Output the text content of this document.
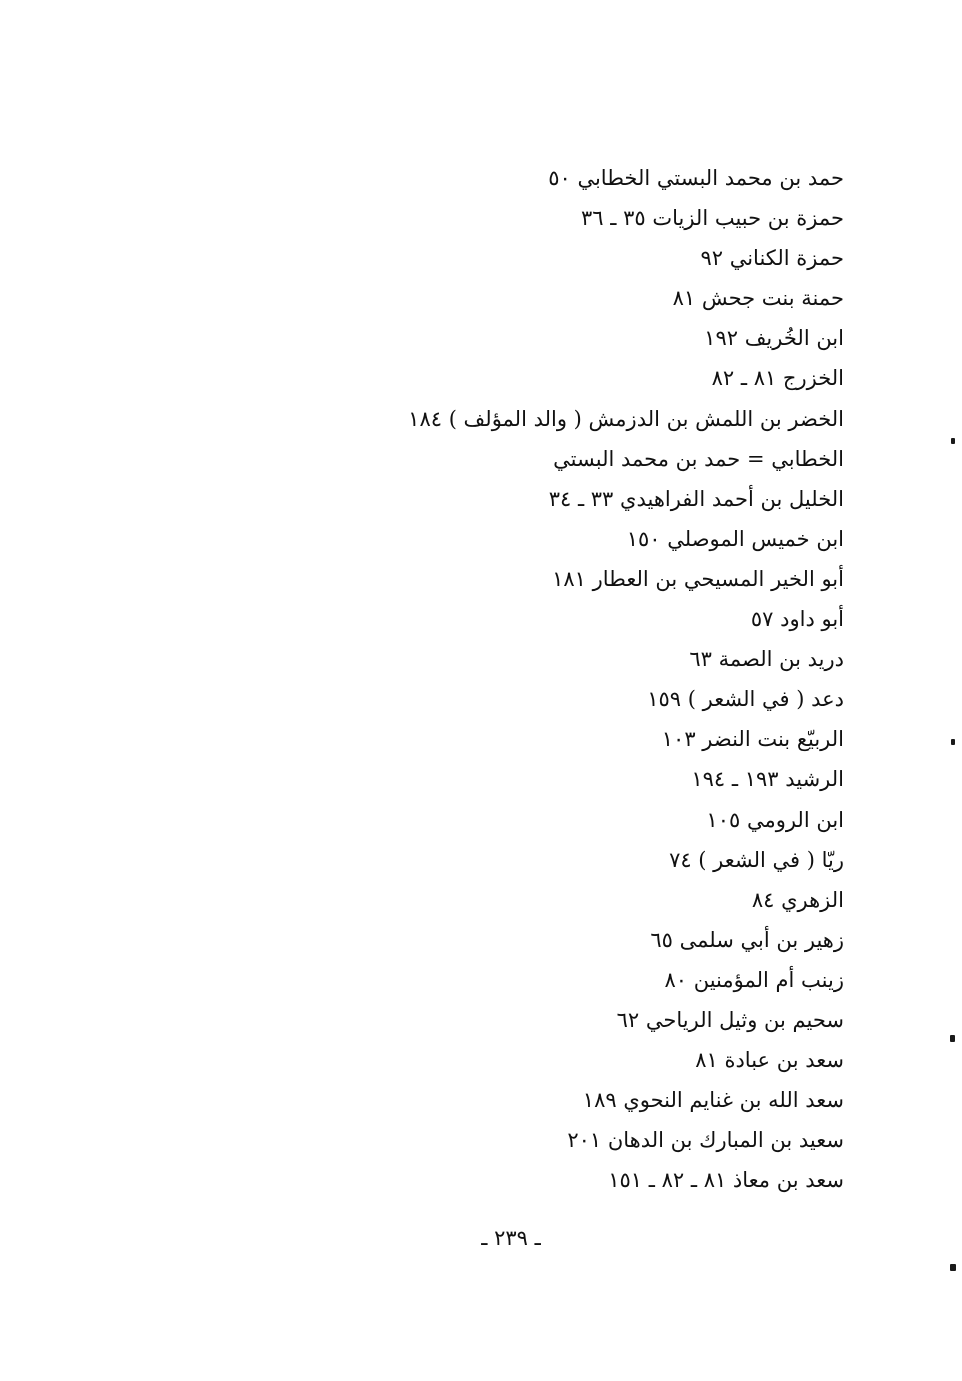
حمد بن محمد البستي الخطابي ٥٠
حمزة بن حبيب الزيات ٣٥ ـ ٣٦
حمزة الكناني ٩٢
حمنة بنت جحش ٨١
ابن الخُريف ١٩٢
الخزرج ٨١ ـ ٨٢
الخضر بن اللمش بن الدزمش ( والد المؤلف ) ١٨٤
الخطابي = حمد بن محمد البستي
الخليل بن أحمد الفراهيدي ٣٣ ـ ٣٤
ابن خميس الموصلي ١٥٠
أبو الخير المسيحي بن العطار ١٨١
أبو داود ٥٧
دريد بن الصمة ٦٣
دعد ( في الشعر ) ١٥٩
الربيّع بنت النضر ١٠٣
الرشيد ١٩٣ ـ ١٩٤
ابن الرومي ١٠٥
ريّا ( في الشعر ) ٧٤
الزهري ٨٤
زهير بن أبي سلمى ٦٥
زينب أم المؤمنين ٨٠
سحيم بن وثيل الرياحي ٦٢
سعد بن عبادة ٨١
سعد الله بن غنايم النحوي ١٨٩
سعيد بن المبارك بن الدهان ٢٠١
سعد بن معاذ ٨١ ـ ٨٢ ـ ١٥١
ـ ٢٣٩ ـ
